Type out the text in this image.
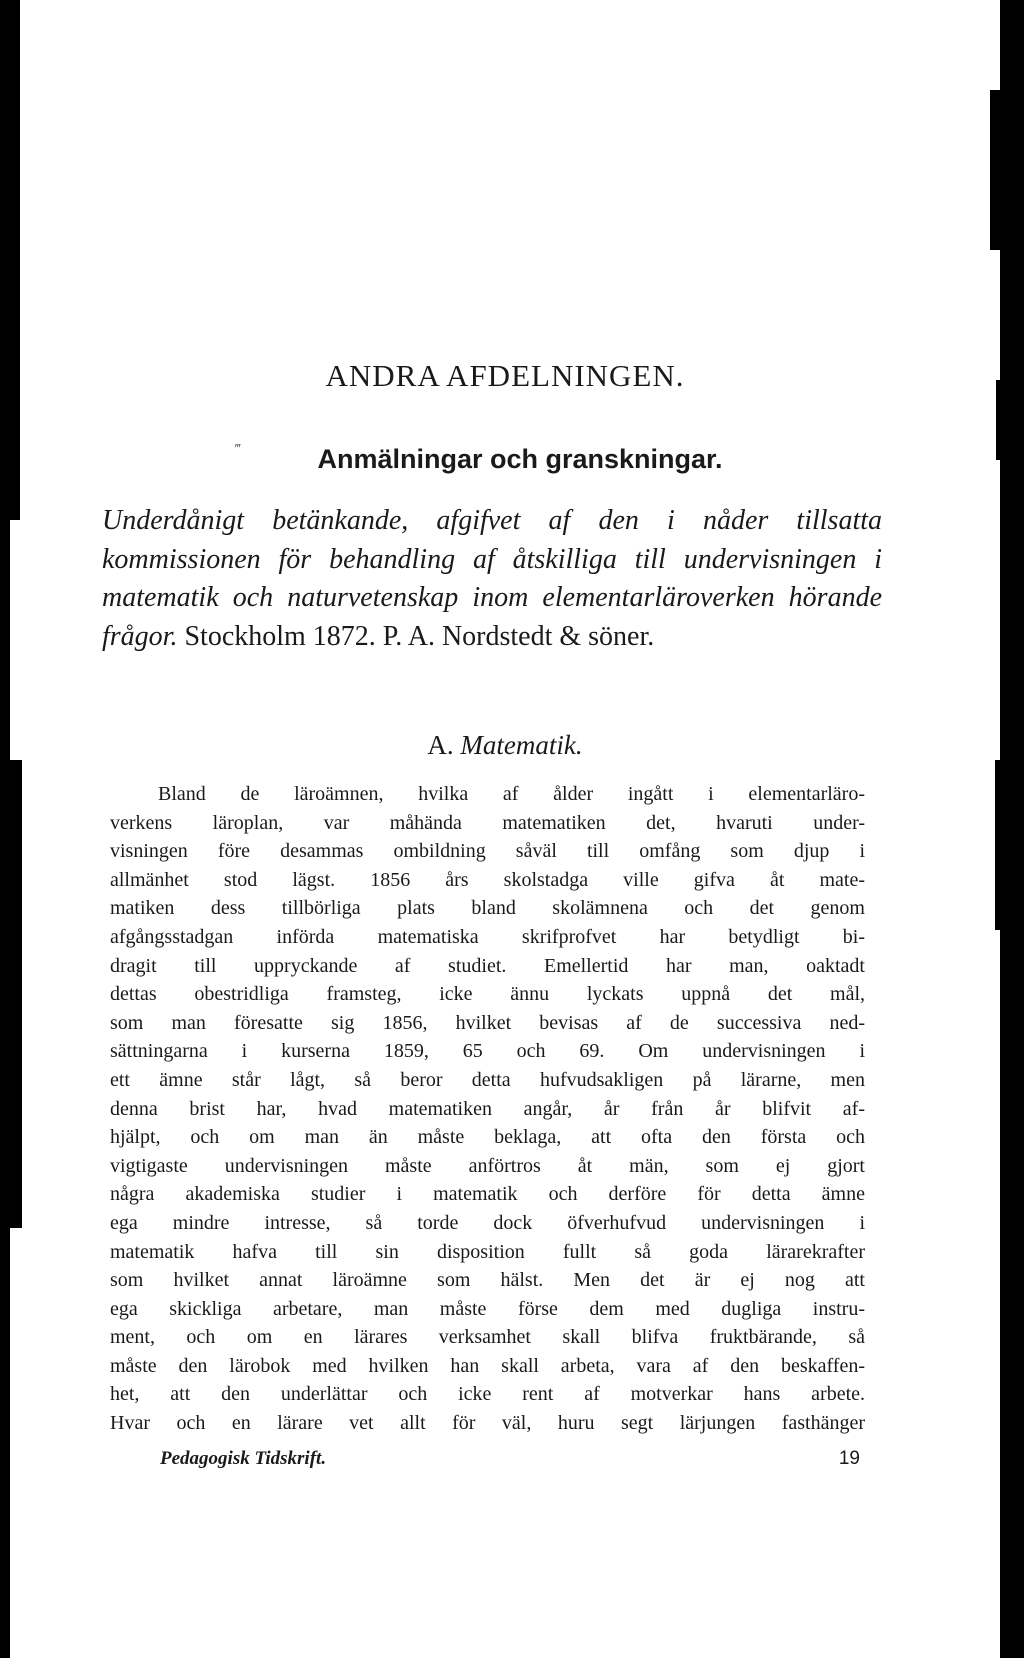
ANDRA AFDELNINGEN.
‴	Anmälningar och granskningar.
Underdånigt betänkande, afgifvet af den i nåder tillsatta kommissionen för behandling af åtskilliga till undervisningen i matematik och naturvetenskap inom elementarläroverken hörande frågor. Stockholm 1872. P. A. Nordstedt & söner.
A. Matematik.
Bland de läroämnen, hvilka af ålder ingått i elementarläro-
verkens läroplan, var måhända matematiken det, hvaruti under-
visningen före desammas ombildning såväl till omfång som djup i
allmänhet stod lägst. 1856 års skolstadga ville gifva åt mate-
matiken dess tillbörliga plats bland skolämnena och det genom
afgångsstadgan införda matematiska skrifprofvet har betydligt bi-
dragit till uppryckande af studiet. Emellertid har man, oaktadt
dettas obestridliga framsteg, icke ännu lyckats uppnå det mål,
som man föresatte sig 1856, hvilket bevisas af de successiva ned-
sättningarna i kurserna 1859, 65 och 69. Om undervisningen i
ett ämne står lågt, så beror detta hufvudsakligen på lärarne, men
denna brist har, hvad matematiken angår, år från år blifvit af-
hjälpt, och om man än måste beklaga, att ofta den första och
vigtigaste undervisningen måste anförtros åt män, som ej gjort
några akademiska studier i matematik och derföre för detta ämne
ega mindre intresse, så torde dock öfverhufvud undervisningen i
matematik hafva till sin disposition fullt så goda lärarekrafter
som hvilket annat läroämne som hälst. Men det är ej nog att
ega skickliga arbetare, man måste förse dem med dugliga instru-
ment, och om en lärares verksamhet skall blifva fruktbärande, så
måste den lärobok med hvilken han skall arbeta, vara af den beskaffen-
het, att den underlättar och icke rent af motverkar hans arbete.
Hvar och en lärare vet allt för väl, huru segt lärjungen fasthänger
Pedagogisk Tidskrift.	19
